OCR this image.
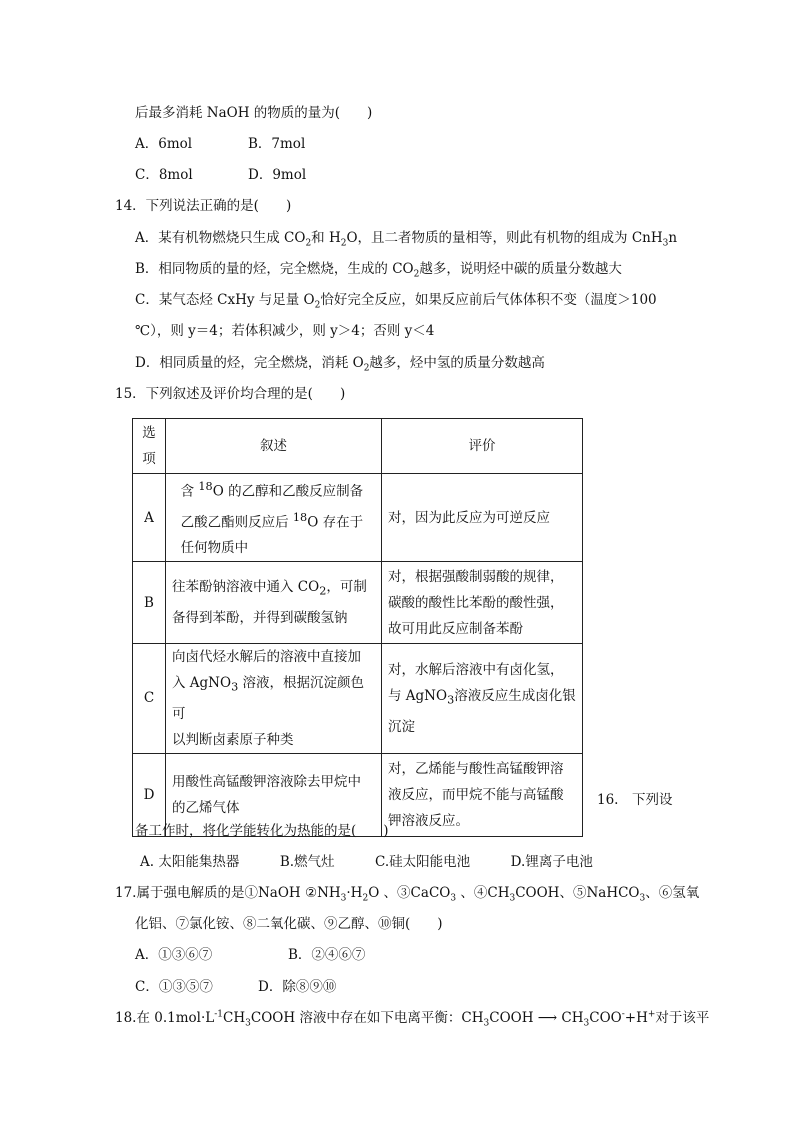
后最多消耗 NaOH 的物质的量为(　　)
A．6mol	B．7mol
C．8mol	D．9mol
14．下列说法正确的是(　　)
A．某有机物燃烧只生成 $CO_2$和 $H_2O$，且二者物质的量相等，则此有机物的组成为 CnH$_3$n
B．相同物质的量的烃，完全燃烧，生成的 $CO_2$越多，说明烃中碳的质量分数越大
C．某气态烃 CxHy 与足量 $O_2$恰好完全反应，如果反应前后气体体积不变（温度＞100
℃），则 y＝4；若体积减少，则 y＞4；否则 y＜4
D．相同质量的烃，完全燃烧，消耗 $O_2$越多，烃中氢的质量分数越高
15．下列叙述及评价均合理的是(　　)
选
项	叙述	评价
A	含 $^{18}$O 的乙醇和乙酸反应制备
乙酸乙酯则反应后 $^{18}$O 存在于
任何物质中	对，因为此反应为可逆反应
B	往苯酚钠溶液中通入 $CO_2$，可制
备得到苯酚，并得到碳酸氢钠	对，根据强酸制弱酸的规律，
碳酸的酸性比苯酚的酸性强，
故可用此反应制备苯酚
C	向卤代烃水解后的溶液中直接加
入 AgNO$_3$ 溶液，根据沉淀颜色可
以判断卤素原子种类	对，水解后溶液中有卤化氢，
与 AgNO$_3$溶液反应生成卤化银
沉淀
D	用酸性高锰酸钾溶液除去甲烷中
的乙烯气体	对，乙烯能与酸性高锰酸钾溶
液反应，而甲烷不能与高锰酸
钾溶液反应。
16.　下列设
备工作时，将化学能转化为热能的是(　　)
A. 太阳能集热器　　　B.燃气灶　　　C.硅太阳能电池　　　D.锂离子电池
17.属于强电解质的是①NaOH $②NH_3\cdot H_2O$ 、③CaCO$_3$ 、$④CH_3COOH$、⑤NaHCO$_3$、⑥氢氧
化铝、⑦氯化铵、⑧二氧化碳、⑨乙醇、⑩铜(　　)
A．①③⑥⑦	B．②④⑥⑦
C．①③⑤⑦	D．除⑧⑨⑩
18.在 $0.1mol\cdot L^{-1}CH_3COOH$ 溶液中存在如下电离平衡：$CH_3COOH$ ⟶ $CH_3COO^-+H^+$对于该平
